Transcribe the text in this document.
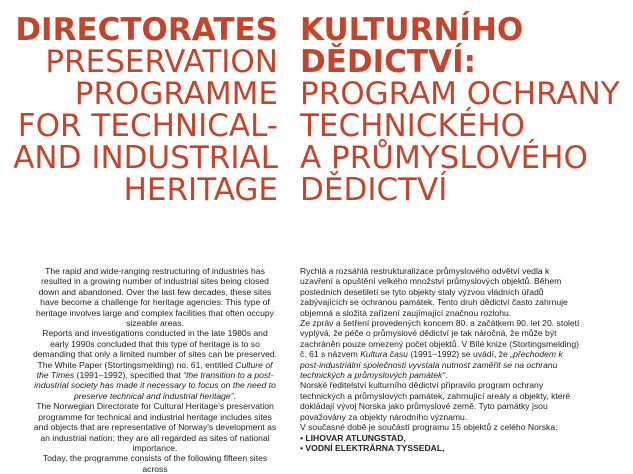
DIRECTORATES
PRESERVATION
PROGRAMME
FOR TECHNICAL-
AND INDUSTRIAL
HERITAGE
KULTURNÍHO
DĚDICTVÍ:
PROGRAM OCHRANY
TECHNICKÉHO
A PRŮMYSLOVÉHO
DĚDICTVÍ

The rapid and wide-ranging restructuring of industries has resulted in a growing number of industrial sites being closed down and abandoned. Over the last few decades, these sites have become a challenge for heritage agencies. This type of heritage involves large and complex facilities that often occupy sizeable areas.

Reports and investigations conducted in the late 1980s and early 1990s concluded that this type of heritage is to so demanding that only a limited number of sites can be preserved. The White Paper (Stortingsmelding) no. 61, entitled Culture of the Times (1991–1992), specified that “the transition to a post-industrial society has made it necessary to focus on the need to preserve technical and industrial heritage”.

The Norwegian Directorate for Cultural Heritage's preservation programme for technical and industrial heritage includes sites and objects that are representative of Norway's development as an industrial nation; they are all regarded as sites of national importance.

Today, the programme consists of the following fifteen sites across

Rychlá a rozsáhlá restrukturalizace průmyslového odvětví vedla k uzavření a opuštění velkého množství průmyslových objektů. Během posledních desetiletí se tyto objekty staly výzvou vládních úřadů zabývajících se ochranou památek. Tento druh dědictví často zahrnuje objemná a složitá zařízení zaujímající značnou rozlohu.

Ze zpráv a šetření provedených koncem 80. a začátkem 90. let 20. století vyplývá, že péče o průmyslové dědictví je tak náročná, že může být zachráněn pouze omezený počet objektů. V Bílé knize (Stortingsmelding) č. 61 s názvem Kultura času (1991–1992) se uvádí, že „přechodem k post-industriální společnosti vyvstala nutnost zaměřit se na ochranu technických a průmyslových památek“.

Norské ředitelství kulturního dědictví připravilo program ochrany technických a průmyslových památek, zahrnující areály a objekty, které dokládají vývoj Norska jako průmyslové země. Tyto památky jsou považovány za objekty národního významu.

V současné době je součástí programu 15 objektů z celého Norska:

• LIHOVAR ATLUNGSTAD,
• VODNÍ ELEKTRÁRNA TYSSEDAL,
